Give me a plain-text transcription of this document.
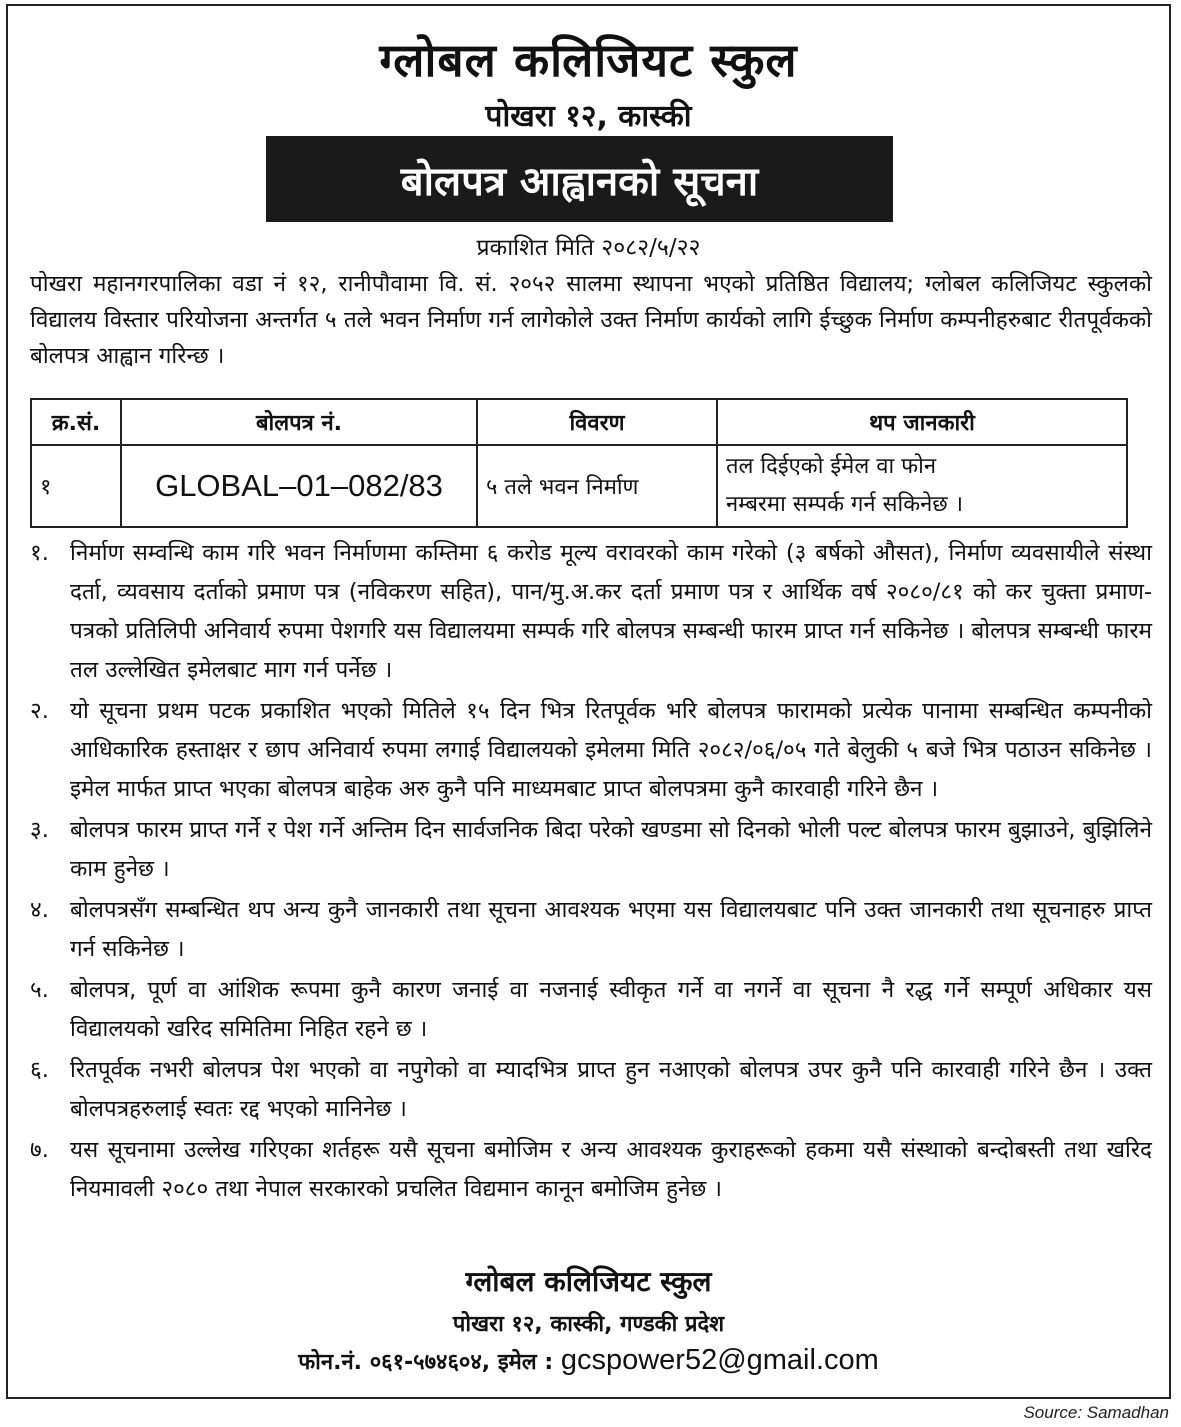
ग्लोबल कलिजियट स्कुल
पोखरा १२, कास्की
बोलपत्र आह्वानको सूचना
प्रकाशित मिति २०८२/५/२२
पोखरा महानगरपालिका वडा नं १२, रानीपौवामा वि. सं. २०५२ सालमा स्थापना भएको प्रतिष्ठित विद्यालय; ग्लोबल कलिजियट स्कुलको विद्यालय विस्तार परियोजना अन्तर्गत ५ तले भवन निर्माण गर्न लागेकोले उक्त निर्माण कार्यको लागि ईच्छुक निर्माण कम्पनीहरुबाट रीतपूर्वकको बोलपत्र आह्वान गरिन्छ ।
क्र.सं.	बोलपत्र नं.	विवरण	थप जानकारी
१	GLOBAL–01–082/83	५ तले भवन निर्माण	तल दिईएको ईमेल वा फोन
नम्बरमा सम्पर्क गर्न सकिनेछ ।
१. निर्माण सम्वन्धि काम गरि भवन निर्माणमा कम्तिमा ६ करोड मूल्य वरावरको काम गरेको (३ बर्षको औसत), निर्माण व्यवसायीले संस्था दर्ता, व्यवसाय दर्ताको प्रमाण पत्र (नविकरण सहित), पान/मु.अ.कर दर्ता प्रमाण पत्र र आर्थिक वर्ष २०८०/८१ को कर चुक्ता प्रमाण-पत्रको प्रतिलिपी अनिवार्य रुपमा पेशगरि यस विद्यालयमा सम्पर्क गरि बोलपत्र सम्बन्धी फारम प्राप्त गर्न सकिनेछ । बोलपत्र सम्बन्धी फारम तल उल्लेखित इमेलबाट माग गर्न पर्नेछ ।
२. यो सूचना प्रथम पटक प्रकाशित भएको मितिले १५ दिन भित्र रितपूर्वक भरि बोलपत्र फारामको प्रत्येक पानामा सम्बन्धित कम्पनीको आधिकारिक हस्ताक्षर र छाप अनिवार्य रुपमा लगाई विद्यालयको इमेलमा मिति २०८२/०६/०५ गते बेलुकी ५ बजे भित्र पठाउन सकिनेछ । इमेल मार्फत प्राप्त भएका बोलपत्र बाहेक अरु कुनै पनि माध्यमबाट प्राप्त बोलपत्रमा कुनै कारवाही गरिने छैन ।
३. बोलपत्र फारम प्राप्त गर्ने र पेश गर्ने अन्तिम दिन सार्वजनिक बिदा परेको खण्डमा सो दिनको भोली पल्ट बोलपत्र फारम बुझाउने, बुझिलिने काम हुनेछ ।
४. बोलपत्रसँग सम्बन्धित थप अन्य कुनै जानकारी तथा सूचना आवश्यक भएमा यस विद्यालयबाट पनि उक्त जानकारी तथा सूचनाहरु प्राप्त गर्न सकिनेछ ।
५. बोलपत्र, पूर्ण वा आंशिक रूपमा कुनै कारण जनाई वा नजनाई स्वीकृत गर्ने वा नगर्ने वा सूचना नै रद्ध गर्ने सम्पूर्ण अधिकार यस विद्यालयको खरिद समितिमा निहित रहने छ ।
६. रितपूर्वक नभरी बोलपत्र पेश भएको वा नपुगेको वा म्यादभित्र प्राप्त हुन नआएको बोलपत्र उपर कुनै पनि कारवाही गरिने छैन । उक्त बोलपत्रहरुलाई स्वतः रद्द भएको मानिनेछ ।
७. यस सूचनामा उल्लेख गरिएका शर्तहरू यसै सूचना बमोजिम र अन्य आवश्यक कुराहरूको हकमा यसै संस्थाको बन्दोबस्ती तथा खरिद नियमावली २०८० तथा नेपाल सरकारको प्रचलित विद्यमान कानून बमोजिम हुनेछ ।
ग्लोबल कलिजियट स्कुल
पोखरा १२, कास्की, गण्डकी प्रदेश
फोन.नं. ०६१-५७४६०४, इमेल : gcspower52@gmail.com
Source: Samadhan
